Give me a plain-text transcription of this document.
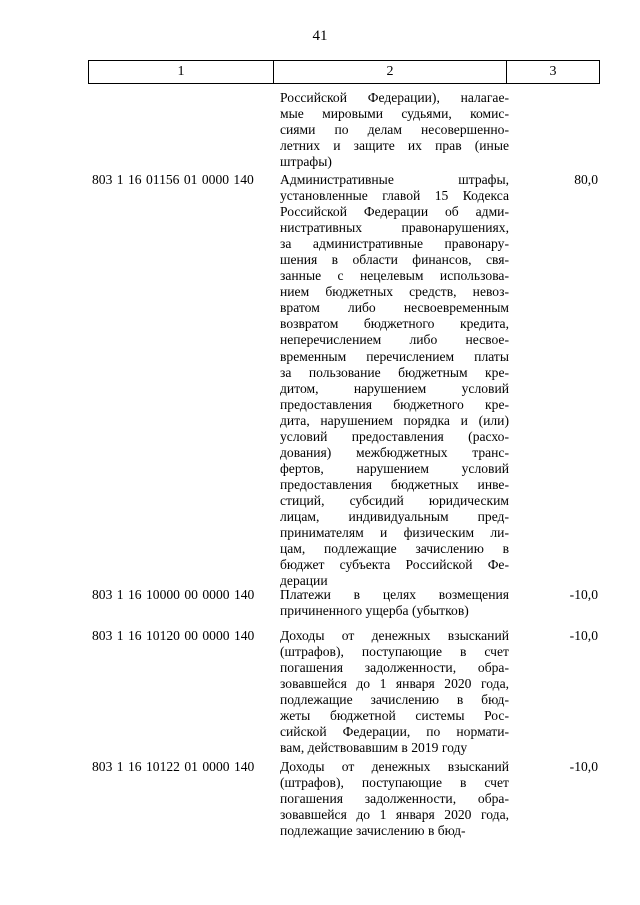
41
1	2	3
Российской Федерации), налагае-
мые мировыми судьями, комис-
сиями по делам несовершенно-
летних и защите их прав (иные
штрафы)
803 1 16 01156 01 0000 140 Административные штрафы,
установленные главой 15 Кодекса
Российской Федерации об адми-
нистративных правонарушениях,
за административные правонару-
шения в области финансов, свя-
занные с нецелевым использова-
нием бюджетных средств, невоз-
вратом либо несвоевременным
возвратом бюджетного кредита,
неперечислением либо несвое-
временным перечислением платы
за пользование бюджетным кре-
дитом, нарушением условий
предоставления бюджетного кре-
дита, нарушением порядка и (или)
условий предоставления (расхо-
дования) межбюджетных транс-
фертов, нарушением условий
предоставления бюджетных инве-
стиций, субсидий юридическим
лицам, индивидуальным пред-
принимателям и физическим ли-
цам, подлежащие зачислению в
бюджет субъекта Российской Фе-
дерации
80,0
803 1 16 10000 00 0000 140 Платежи в целях возмещения
причиненного ущерба (убытков)
-10,0
803 1 16 10120 00 0000 140 Доходы от денежных взысканий
(штрафов), поступающие в счет
погашения задолженности, обра-
зовавшейся до 1 января 2020 года,
подлежащие зачислению в бюд-
жеты бюджетной системы Рос-
сийской Федерации, по нормати-
вам, действовавшим в 2019 году
-10,0
803 1 16 10122 01 0000 140 Доходы от денежных взысканий
(штрафов), поступающие в счет
погашения задолженности, обра-
зовавшейся до 1 января 2020 года,
подлежащие зачислению в бюд-
-10,0
